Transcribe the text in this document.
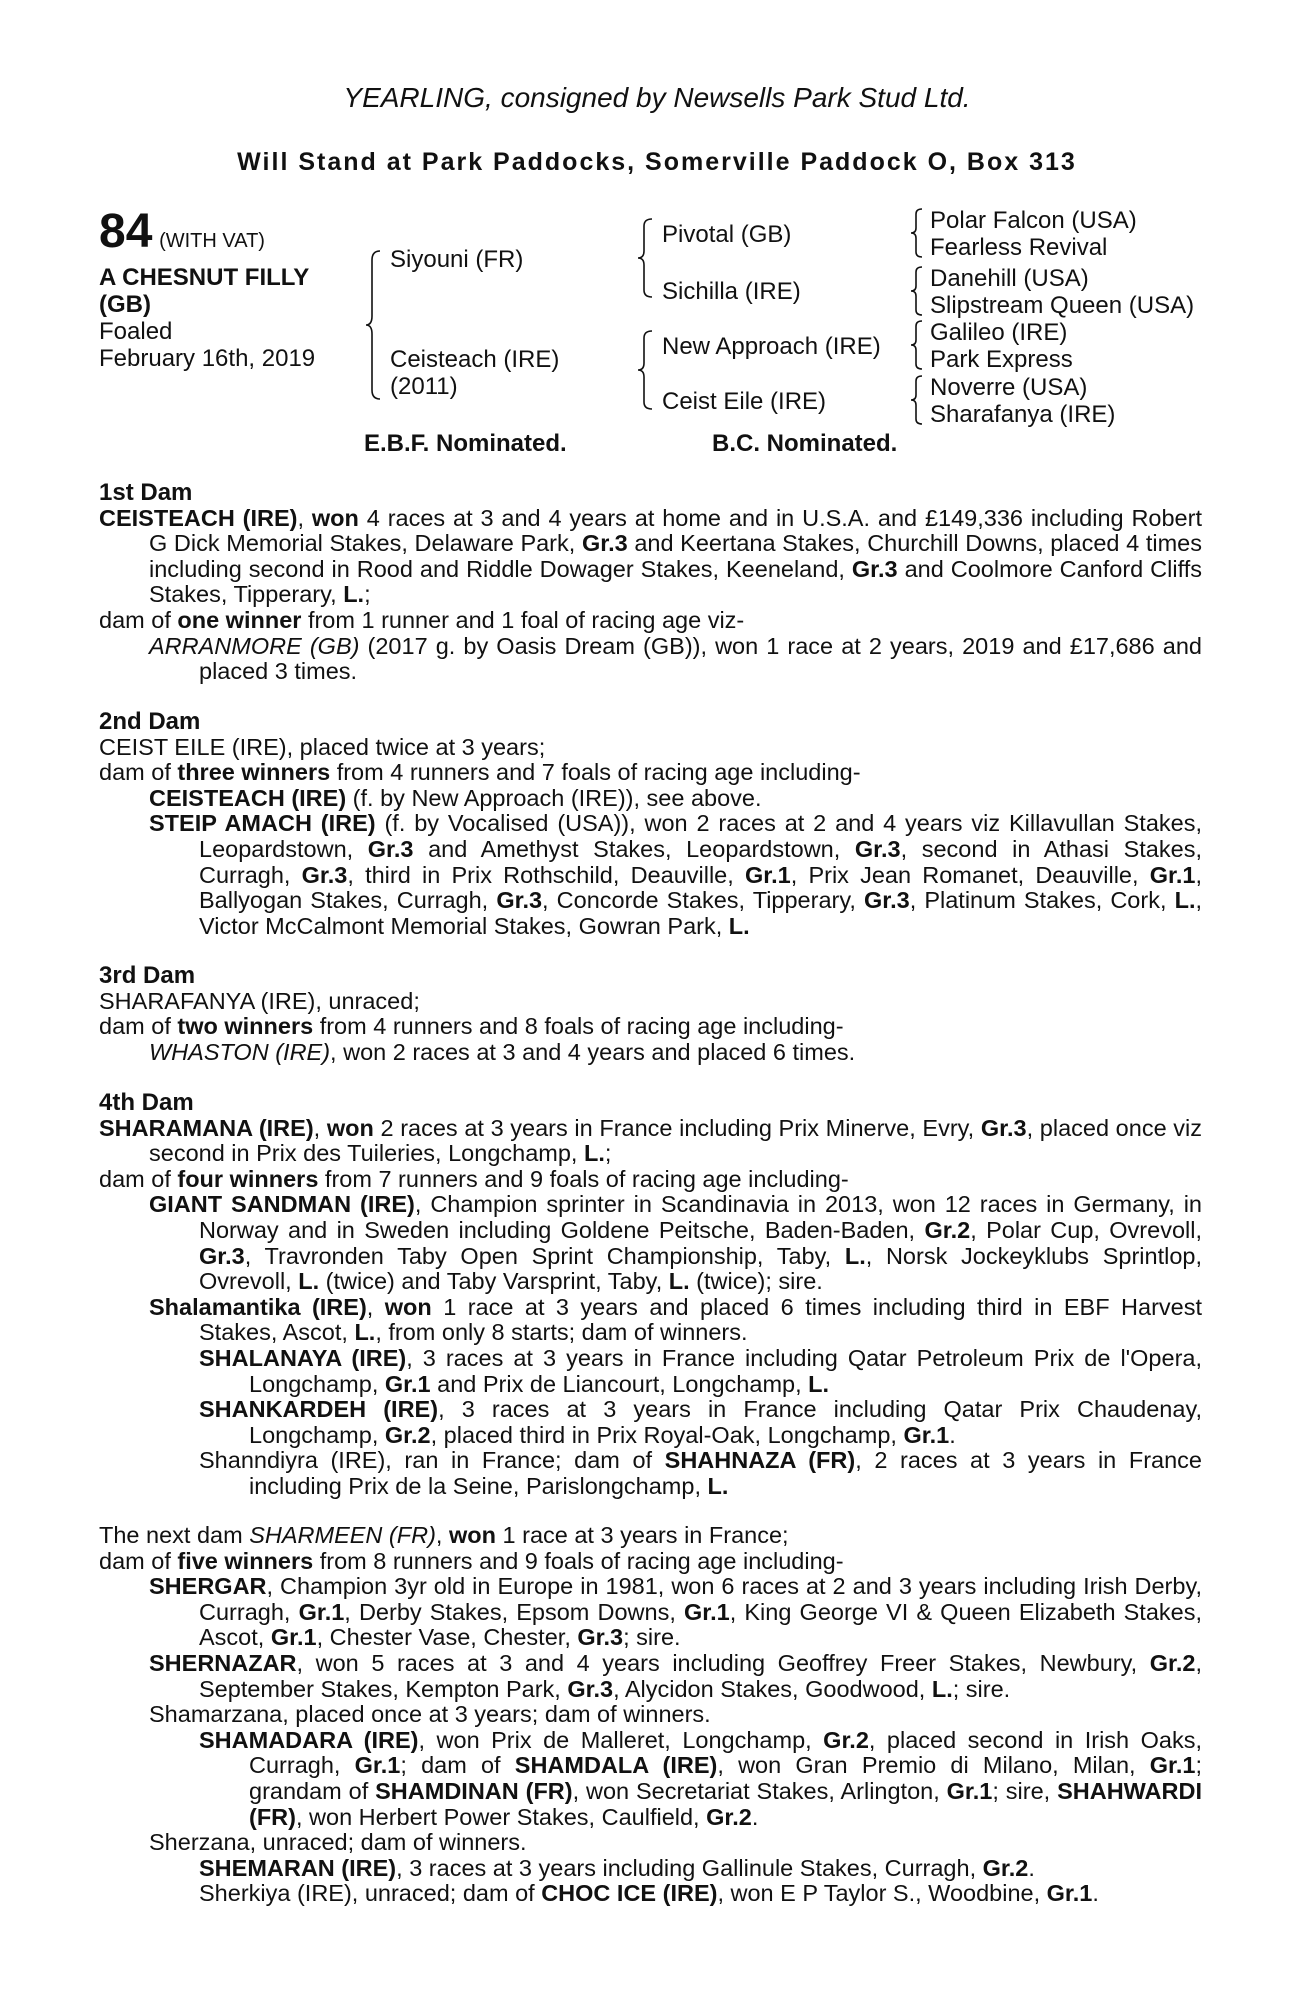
YEARLING, consigned by Newsells Park Stud Ltd.
Will Stand at Park Paddocks, Somerville Paddock O, Box 313
84 (WITH VAT)
A CHESNUT FILLY
(GB)
Foaled
February 16th, 2019
Siyouni (FR)
Ceisteach (IRE)
(2011)
Pivotal (GB)
Sichilla (IRE)
New Approach (IRE)
Ceist Eile (IRE)
Polar Falcon (USA)
Fearless Revival
Danehill (USA)
Slipstream Queen (USA)
Galileo (IRE)
Park Express
Noverre (USA)
Sharafanya (IRE)
E.B.F. Nominated.	B.C. Nominated.

1st Dam

CEISTEACH (IRE), won 4 races at 3 and 4 years at home and in U.S.A. and £149,336 including Robert G Dick Memorial Stakes, Delaware Park, Gr.3 and Keertana Stakes, Churchill Downs, placed 4 times including second in Rood and Riddle Dowager Stakes, Keeneland, Gr.3 and Coolmore Canford Cliffs Stakes, Tipperary, L.;

dam of one winner from 1 runner and 1 foal of racing age viz-

ARRANMORE (GB) (2017 g. by Oasis Dream (GB)), won 1 race at 2 years, 2019 and £17,686 and placed 3 times.

2nd Dam

CEIST EILE (IRE), placed twice at 3 years;

dam of three winners from 4 runners and 7 foals of racing age including-

CEISTEACH (IRE) (f. by New Approach (IRE)), see above.

STEIP AMACH (IRE) (f. by Vocalised (USA)), won 2 races at 2 and 4 years viz Killavullan Stakes, Leopardstown, Gr.3 and Amethyst Stakes, Leopardstown, Gr.3, second in Athasi Stakes, Curragh, Gr.3, third in Prix Rothschild, Deauville, Gr.1, Prix Jean Romanet, Deauville, Gr.1, Ballyogan Stakes, Curragh, Gr.3, Concorde Stakes, Tipperary, Gr.3, Platinum Stakes, Cork, L., Victor McCalmont Memorial Stakes, Gowran Park, L.

3rd Dam

SHARAFANYA (IRE), unraced;

dam of two winners from 4 runners and 8 foals of racing age including-

WHASTON (IRE), won 2 races at 3 and 4 years and placed 6 times.

4th Dam

SHARAMANA (IRE), won 2 races at 3 years in France including Prix Minerve, Evry, Gr.3, placed once viz second in Prix des Tuileries, Longchamp, L.;

dam of four winners from 7 runners and 9 foals of racing age including-

GIANT SANDMAN (IRE), Champion sprinter in Scandinavia in 2013, won 12 races in Germany, in Norway and in Sweden including Goldene Peitsche, Baden-Baden, Gr.2, Polar Cup, Ovrevoll, Gr.3, Travronden Taby Open Sprint Championship, Taby, L., Norsk Jockeyklubs Sprintlop, Ovrevoll, L. (twice) and Taby Varsprint, Taby, L. (twice); sire.

Shalamantika (IRE), won 1 race at 3 years and placed 6 times including third in EBF Harvest Stakes, Ascot, L., from only 8 starts; dam of winners.

SHALANAYA (IRE), 3 races at 3 years in France including Qatar Petroleum Prix de l'Opera, Longchamp, Gr.1 and Prix de Liancourt, Longchamp, L.

SHANKARDEH (IRE), 3 races at 3 years in France including Qatar Prix Chaudenay, Longchamp, Gr.2, placed third in Prix Royal-Oak, Longchamp, Gr.1.

Shanndiyra (IRE), ran in France; dam of SHAHNAZA (FR), 2 races at 3 years in France including Prix de la Seine, Parislongchamp, L.

The next dam SHARMEEN (FR), won 1 race at 3 years in France;

dam of five winners from 8 runners and 9 foals of racing age including-

SHERGAR, Champion 3yr old in Europe in 1981, won 6 races at 2 and 3 years including Irish Derby, Curragh, Gr.1, Derby Stakes, Epsom Downs, Gr.1, King George VI & Queen Elizabeth Stakes, Ascot, Gr.1, Chester Vase, Chester, Gr.3; sire.

SHERNAZAR, won 5 races at 3 and 4 years including Geoffrey Freer Stakes, Newbury, Gr.2, September Stakes, Kempton Park, Gr.3, Alycidon Stakes, Goodwood, L.; sire.

Shamarzana, placed once at 3 years; dam of winners.

SHAMADARA (IRE), won Prix de Malleret, Longchamp, Gr.2, placed second in Irish Oaks, Curragh, Gr.1; dam of SHAMDALA (IRE), won Gran Premio di Milano, Milan, Gr.1; grandam of SHAMDINAN (FR), won Secretariat Stakes, Arlington, Gr.1; sire, SHAHWARDI (FR), won Herbert Power Stakes, Caulfield, Gr.2.

Sherzana, unraced; dam of winners.

SHEMARAN (IRE), 3 races at 3 years including Gallinule Stakes, Curragh, Gr.2.

Sherkiya (IRE), unraced; dam of CHOC ICE (IRE), won E P Taylor S., Woodbine, Gr.1.
